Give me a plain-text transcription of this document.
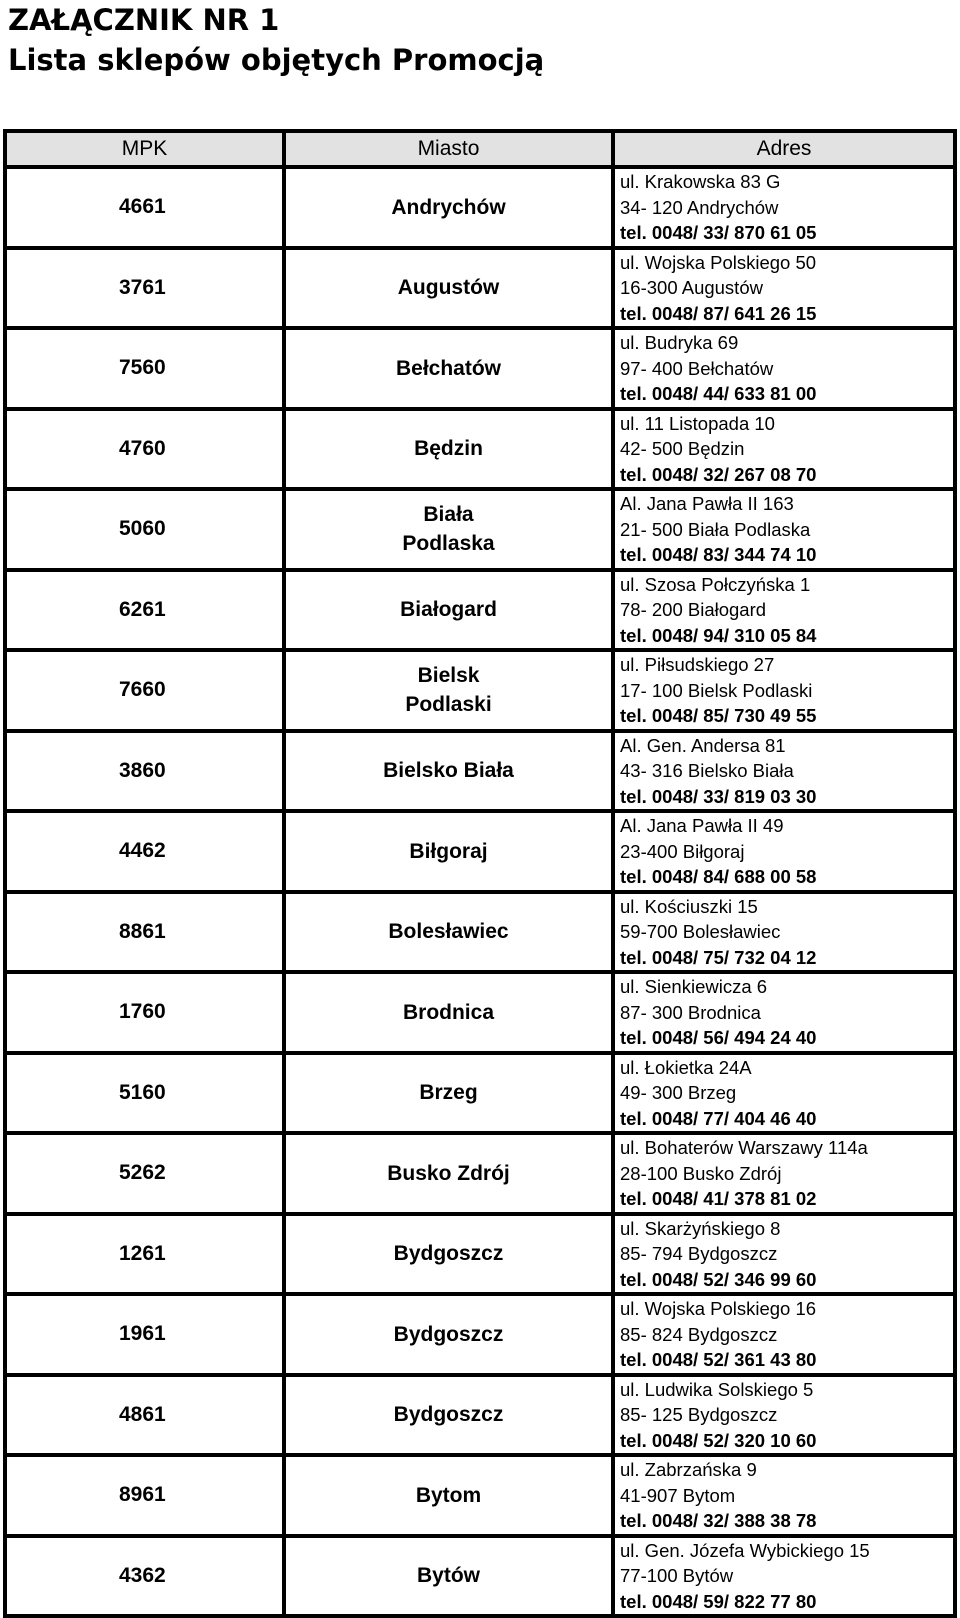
ZAŁĄCZNIK NR 1
Lista sklepów objętych Promocją
MPK	Miasto	Adres
4661	Andrychów	ul. Krakowska 83 G
34- 120 Andrychów
tel. 0048/ 33/ 870 61 05

3761	Augustów	ul. Wojska Polskiego 50
16-300 Augustów
tel. 0048/ 87/ 641 26 15

7560	Bełchatów	ul. Budryka 69
97- 400 Bełchatów
tel. 0048/ 44/ 633 81 00

4760	Będzin	ul. 11 Listopada 10
42- 500 Będzin
tel. 0048/ 32/ 267 08 70

5060	Biała Podlaska	Al. Jana Pawła II 163
21- 500 Biała Podlaska
tel. 0048/ 83/ 344 74 10

6261	Białogard	ul. Szosa Połczyńska 1
78- 200 Białogard
tel. 0048/ 94/ 310 05 84

7660	Bielsk Podlaski	ul. Piłsudskiego 27
17- 100 Bielsk Podlaski
tel. 0048/ 85/ 730 49 55

3860	Bielsko Biała	Al. Gen. Andersa 81
43- 316 Bielsko Biała
tel. 0048/ 33/ 819 03 30

4462	Biłgoraj	Al. Jana Pawła II 49
23-400 Biłgoraj
tel. 0048/ 84/ 688 00 58

8861	Bolesławiec	ul. Kościuszki 15
59-700 Bolesławiec
tel. 0048/ 75/ 732 04 12

1760	Brodnica	ul. Sienkiewicza 6
87- 300 Brodnica
tel. 0048/ 56/ 494 24 40

5160	Brzeg	ul. Łokietka 24A
49- 300 Brzeg
tel. 0048/ 77/ 404 46 40

5262	Busko Zdrój	ul. Bohaterów Warszawy 114a
28-100 Busko Zdrój
tel. 0048/ 41/ 378 81 02

1261	Bydgoszcz	ul. Skarżyńskiego 8
85- 794 Bydgoszcz
tel. 0048/ 52/ 346 99 60

1961	Bydgoszcz	ul. Wojska Polskiego 16
85- 824 Bydgoszcz
tel. 0048/ 52/ 361 43 80

4861	Bydgoszcz	ul. Ludwika Solskiego 5
85- 125 Bydgoszcz
tel. 0048/ 52/ 320 10 60

8961	Bytom	ul. Zabrzańska 9
41-907 Bytom
tel. 0048/ 32/ 388 38 78

4362	Bytów	ul. Gen. Józefa Wybickiego 15
77-100 Bytów
tel. 0048/ 59/ 822 77 80
